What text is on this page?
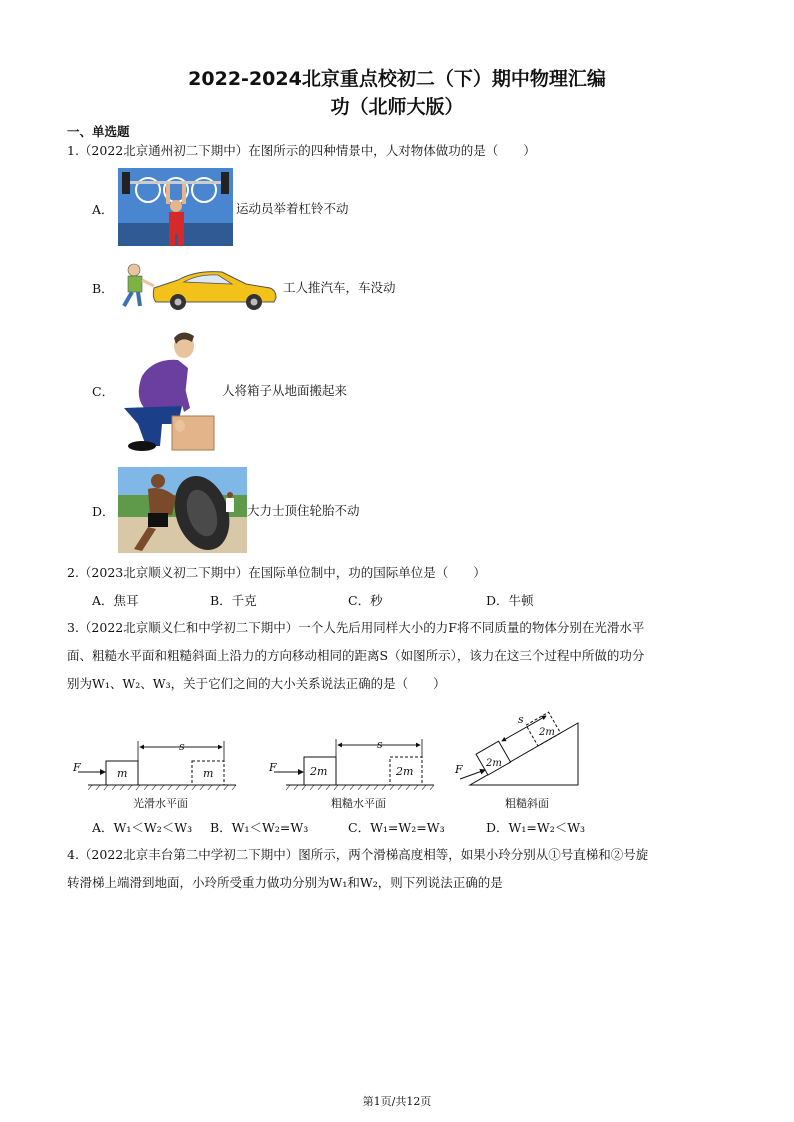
2022-2024北京重点校初二（下）期中物理汇编
功（北师大版）
一、单选题
1.（2022北京通州初二下期中）在图所示的四种情景中，人对物体做功的是（　　）
A．	运动员举着杠铃不动
B．	工人推汽车，车没动
C．	人将箱子从地面搬起来
D．	大力士顶住轮胎不动
2.（2023北京顺义初二下期中）在国际单位制中，功的国际单位是（　　）
A．焦耳	B．千克	C．秒	D．牛顿
3.（2022北京顺义仁和中学初二下期中）一个人先后用同样大小的力F将不同质量的物体分别在光滑水平
面、粗糙水平面和粗糙斜面上沿力的方向移动相同的距离S（如图所示），该力在这三个过程中所做的功分
别为W₁、W₂、W₃，关于它们之间的大小关系说法正确的是（　　）
F	m	m
s
光滑水平面
F	2m	2m
s
粗糙水平面
F 2m
2m
s
粗糙斜面
A．W₁＜W₂＜W₃ B．W₁＜W₂=W₃	C．W₁=W₂=W₃	D．W₁=W₂＜W₃
4.（2022北京丰台第二中学初二下期中）图所示，两个滑梯高度相等，如果小玲分别从①号直梯和②号旋
转滑梯上端滑到地面，小玲所受重力做功分别为W₁和W₂，则下列说法正确的是
第1页/共12页
